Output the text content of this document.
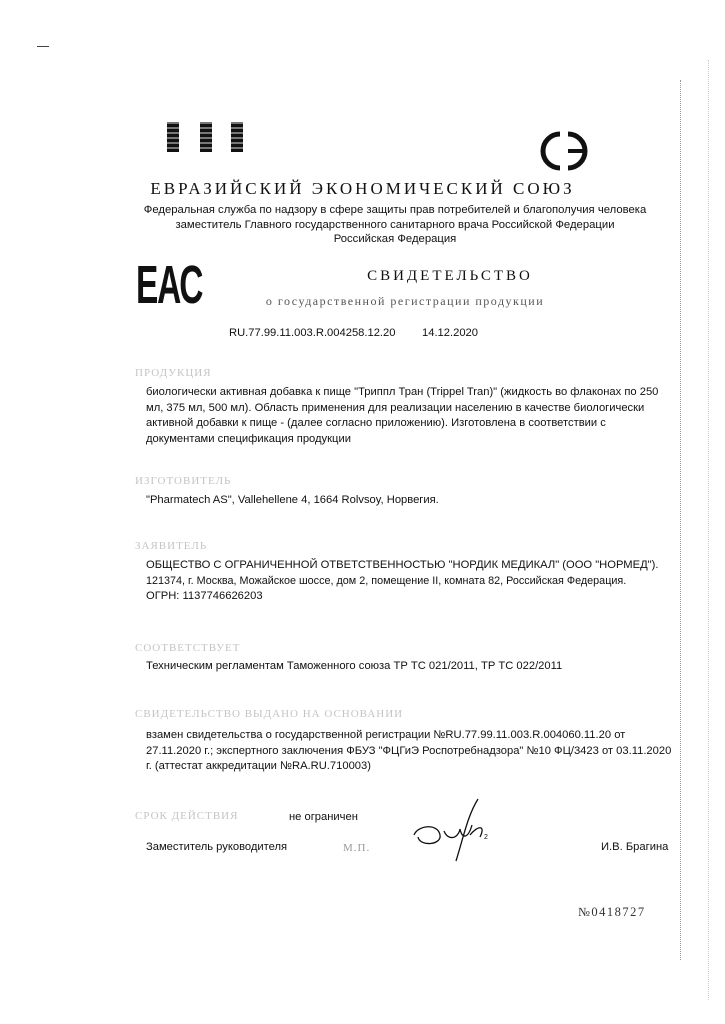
ЕВРАЗИЙСКИЙ ЭКОНОМИЧЕСКИЙ СОЮЗ
Федеральная служба по надзору в сфере защиты прав потребителей и благополучия человека
заместитель Главного государственного санитарного врача Российской Федерации
Российская Федерация
ЕАС	СВИДЕТЕЛЬСТВО
о государственной регистрации продукции
RU.77.99.11.003.R.004258.12.20 14.12.2020
ПРОДУКЦИЯ
биологически активная добавка к пище "Триппл Тран (Trippel Tran)" (жидкость во флаконах по 250 мл, 375 мл, 500 мл). Область применения для реализации населению в качестве биологически активной добавки к пище - (далее согласно приложению). Изготовлена в соответствии с документами спецификация продукции
ИЗГОТОВИТЕЛЬ
"Pharmatech AS", Vallehellene 4, 1664 Rolvsoy, Норвегия.
ЗАЯВИТЕЛЬ
ОБЩЕСТВО С ОГРАНИЧЕННОЙ ОТВЕТСТВЕННОСТЬЮ "НОРДИК МЕДИКАЛ" (ООО "НОРМЕД").
121374, г. Москва, Можайское шоссе, дом 2, помещение II, комната 82, Российская Федерация.
ОГРН: 1137746626203
СООТВЕТСТВУЕТ
Техническим регламентам Таможенного союза ТР ТС 021/2011, ТР ТС 022/2011
СВИДЕТЕЛЬСТВО ВЫДАНО НА ОСНОВАНИИ
взамен свидетельства о государственной регистрации №RU.77.99.11.003.R.004060.11.20 от 27.11.2020 г.; экспертного заключения ФБУЗ "ФЦГиЭ Роспотребнадзора" №10 ФЦ/3423 от 03.11.2020 г. (аттестат аккредитации №RA.RU.710003)
СРОК ДЕЙСТВИЯ	не ограничен
Заместитель руководителя	М.П.
2
И.В. Брагина
№0418727
